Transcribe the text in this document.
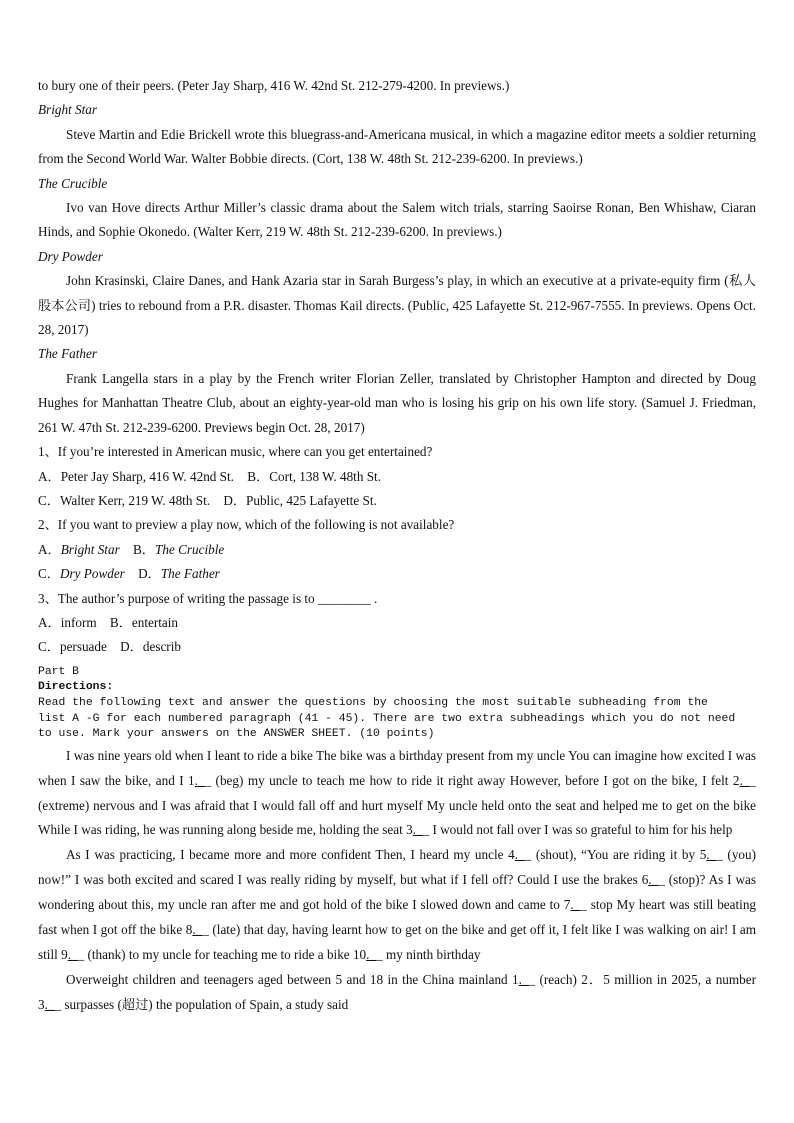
to bury one of their peers. (Peter Jay Sharp, 416 W. 42nd St. 212-279-4200. In previews.)
Bright Star
Steve Martin and Edie Brickell wrote this bluegrass-and-Americana musical, in which a magazine editor meets a soldier returning from the Second World War. Walter Bobbie directs. (Cort, 138 W. 48th St. 212-239-6200. In previews.)
The Crucible
Ivo van Hove directs Arthur Miller’s classic drama about the Salem witch trials, starring Saoirse Ronan, Ben Whishaw, Ciaran Hinds, and Sophie Okonedo. (Walter Kerr, 219 W. 48th St. 212-239-6200. In previews.)
Dry Powder
John Krasinski, Claire Danes, and Hank Azaria star in Sarah Burgess’s play, in which an executive at a private-equity firm (私人股本公司) tries to rebound from a P.R. disaster. Thomas Kail directs. (Public, 425 Lafayette St. 212-967-7555. In previews. Opens Oct. 28, 2017)
The Father
Frank Langella stars in a play by the French writer Florian Zeller, translated by Christopher Hampton and directed by Doug Hughes for Manhattan Theatre Club, about an eighty-year-old man who is losing his grip on his own life story. (Samuel J. Friedman, 261 W. 47th St. 212-239-6200. Previews begin Oct. 28, 2017)
1、If you’re interested in American music, where can you get entertained?
A．Peter Jay Sharp, 416 W. 42nd St. B．Cort, 138 W. 48th St.
C．Walter Kerr, 219 W. 48th St. D．Public, 425 Lafayette St.
2、If you want to preview a play now, which of the following is not available?
A．Bright Star B．The Crucible
C．Dry Powder D．The Father
3、The author’s purpose of writing the passage is to ________ .
A．inform B．entertain
C．persuade D．describ
Part B
Directions:
Read the following text and answer the questions by choosing the most suitable subheading from the
list A -G for each numbered paragraph (41 - 45). There are two extra subheadings which you do not need
to use. Mark your answers on the ANSWER SHEET. (10 points)
I was nine years old when I leant to ride a bike The bike was a birthday present from my uncle You can imagine how excited I was when I saw the bike, and I 1.__ (beg) my uncle to teach me how to ride it right away However, before I got on the bike, I felt 2.__ (extreme) nervous and I was afraid that I would fall off and hurt myself My uncle held onto the seat and helped me to get on the bike While I was riding, he was running along beside me, holding the seat 3.__ I would not fall over I was so grateful to him for his help
As I was practicing, I became more and more confident Then, I heard my uncle 4.__ (shout), “You are riding it by 5.__ (you) now!” I was both excited and scared I was really riding by myself, but what if I fell off? Could I use the brakes 6.__ (stop)? As I was wondering about this, my uncle ran after me and got hold of the bike I slowed down and came to 7.__ stop My heart was still beating fast when I got off the bike 8.__ (late) that day, having learnt how to get on the bike and get off it, I felt like I was walking on air! I am still 9.__ (thank) to my uncle for teaching me to ride a bike 10.__ my ninth birthday
Overweight children and teenagers aged between 5 and 18 in the China mainland 1.__ (reach) 2．5 million in 2025, a number 3.__ surpasses (超过) the population of Spain, a study said
